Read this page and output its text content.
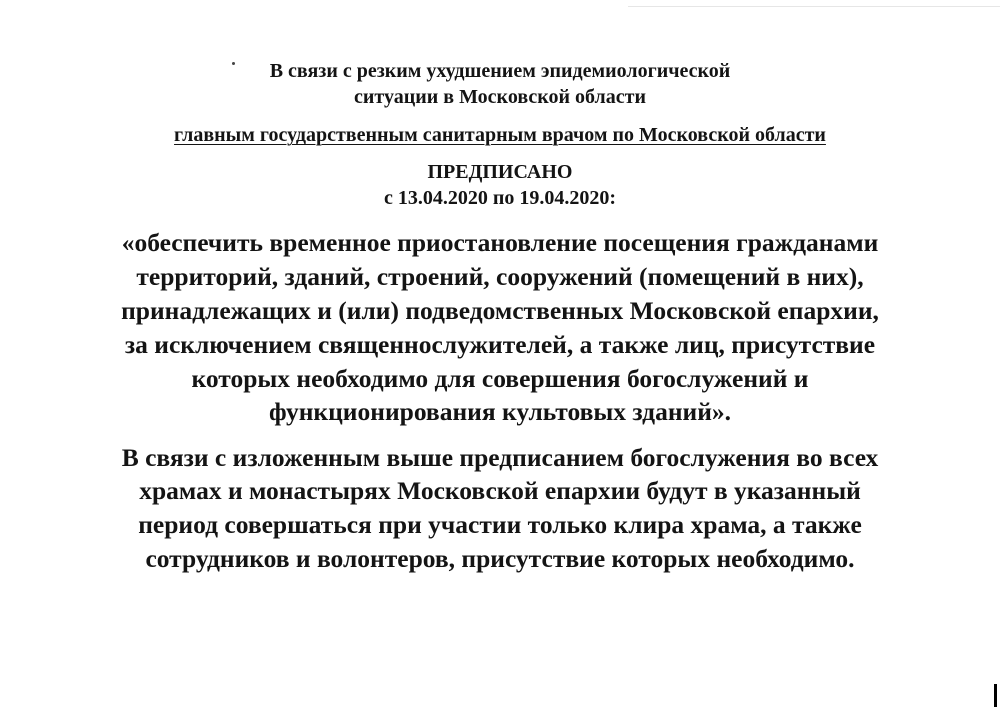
В связи с резким ухудшением эпидемиологической
ситуации в Московской области
главным государственным санитарным врачом по Московской области
ПРЕДПИСАНО
с 13.04.2020 по 19.04.2020:
«обеспечить временное приостановление посещения гражданами
территорий, зданий, строений, сооружений (помещений в них),
принадлежащих и (или) подведомственных Московской епархии,
за исключением священнослужителей, а также лиц, присутствие
которых необходимо для совершения богослужений и
функционирования культовых зданий».
В связи с изложенным выше предписанием богослужения во всех
храмах и монастырях Московской епархии будут в указанный
период совершаться при участии только клира храма, а также
сотрудников и волонтеров, присутствие которых необходимо.
